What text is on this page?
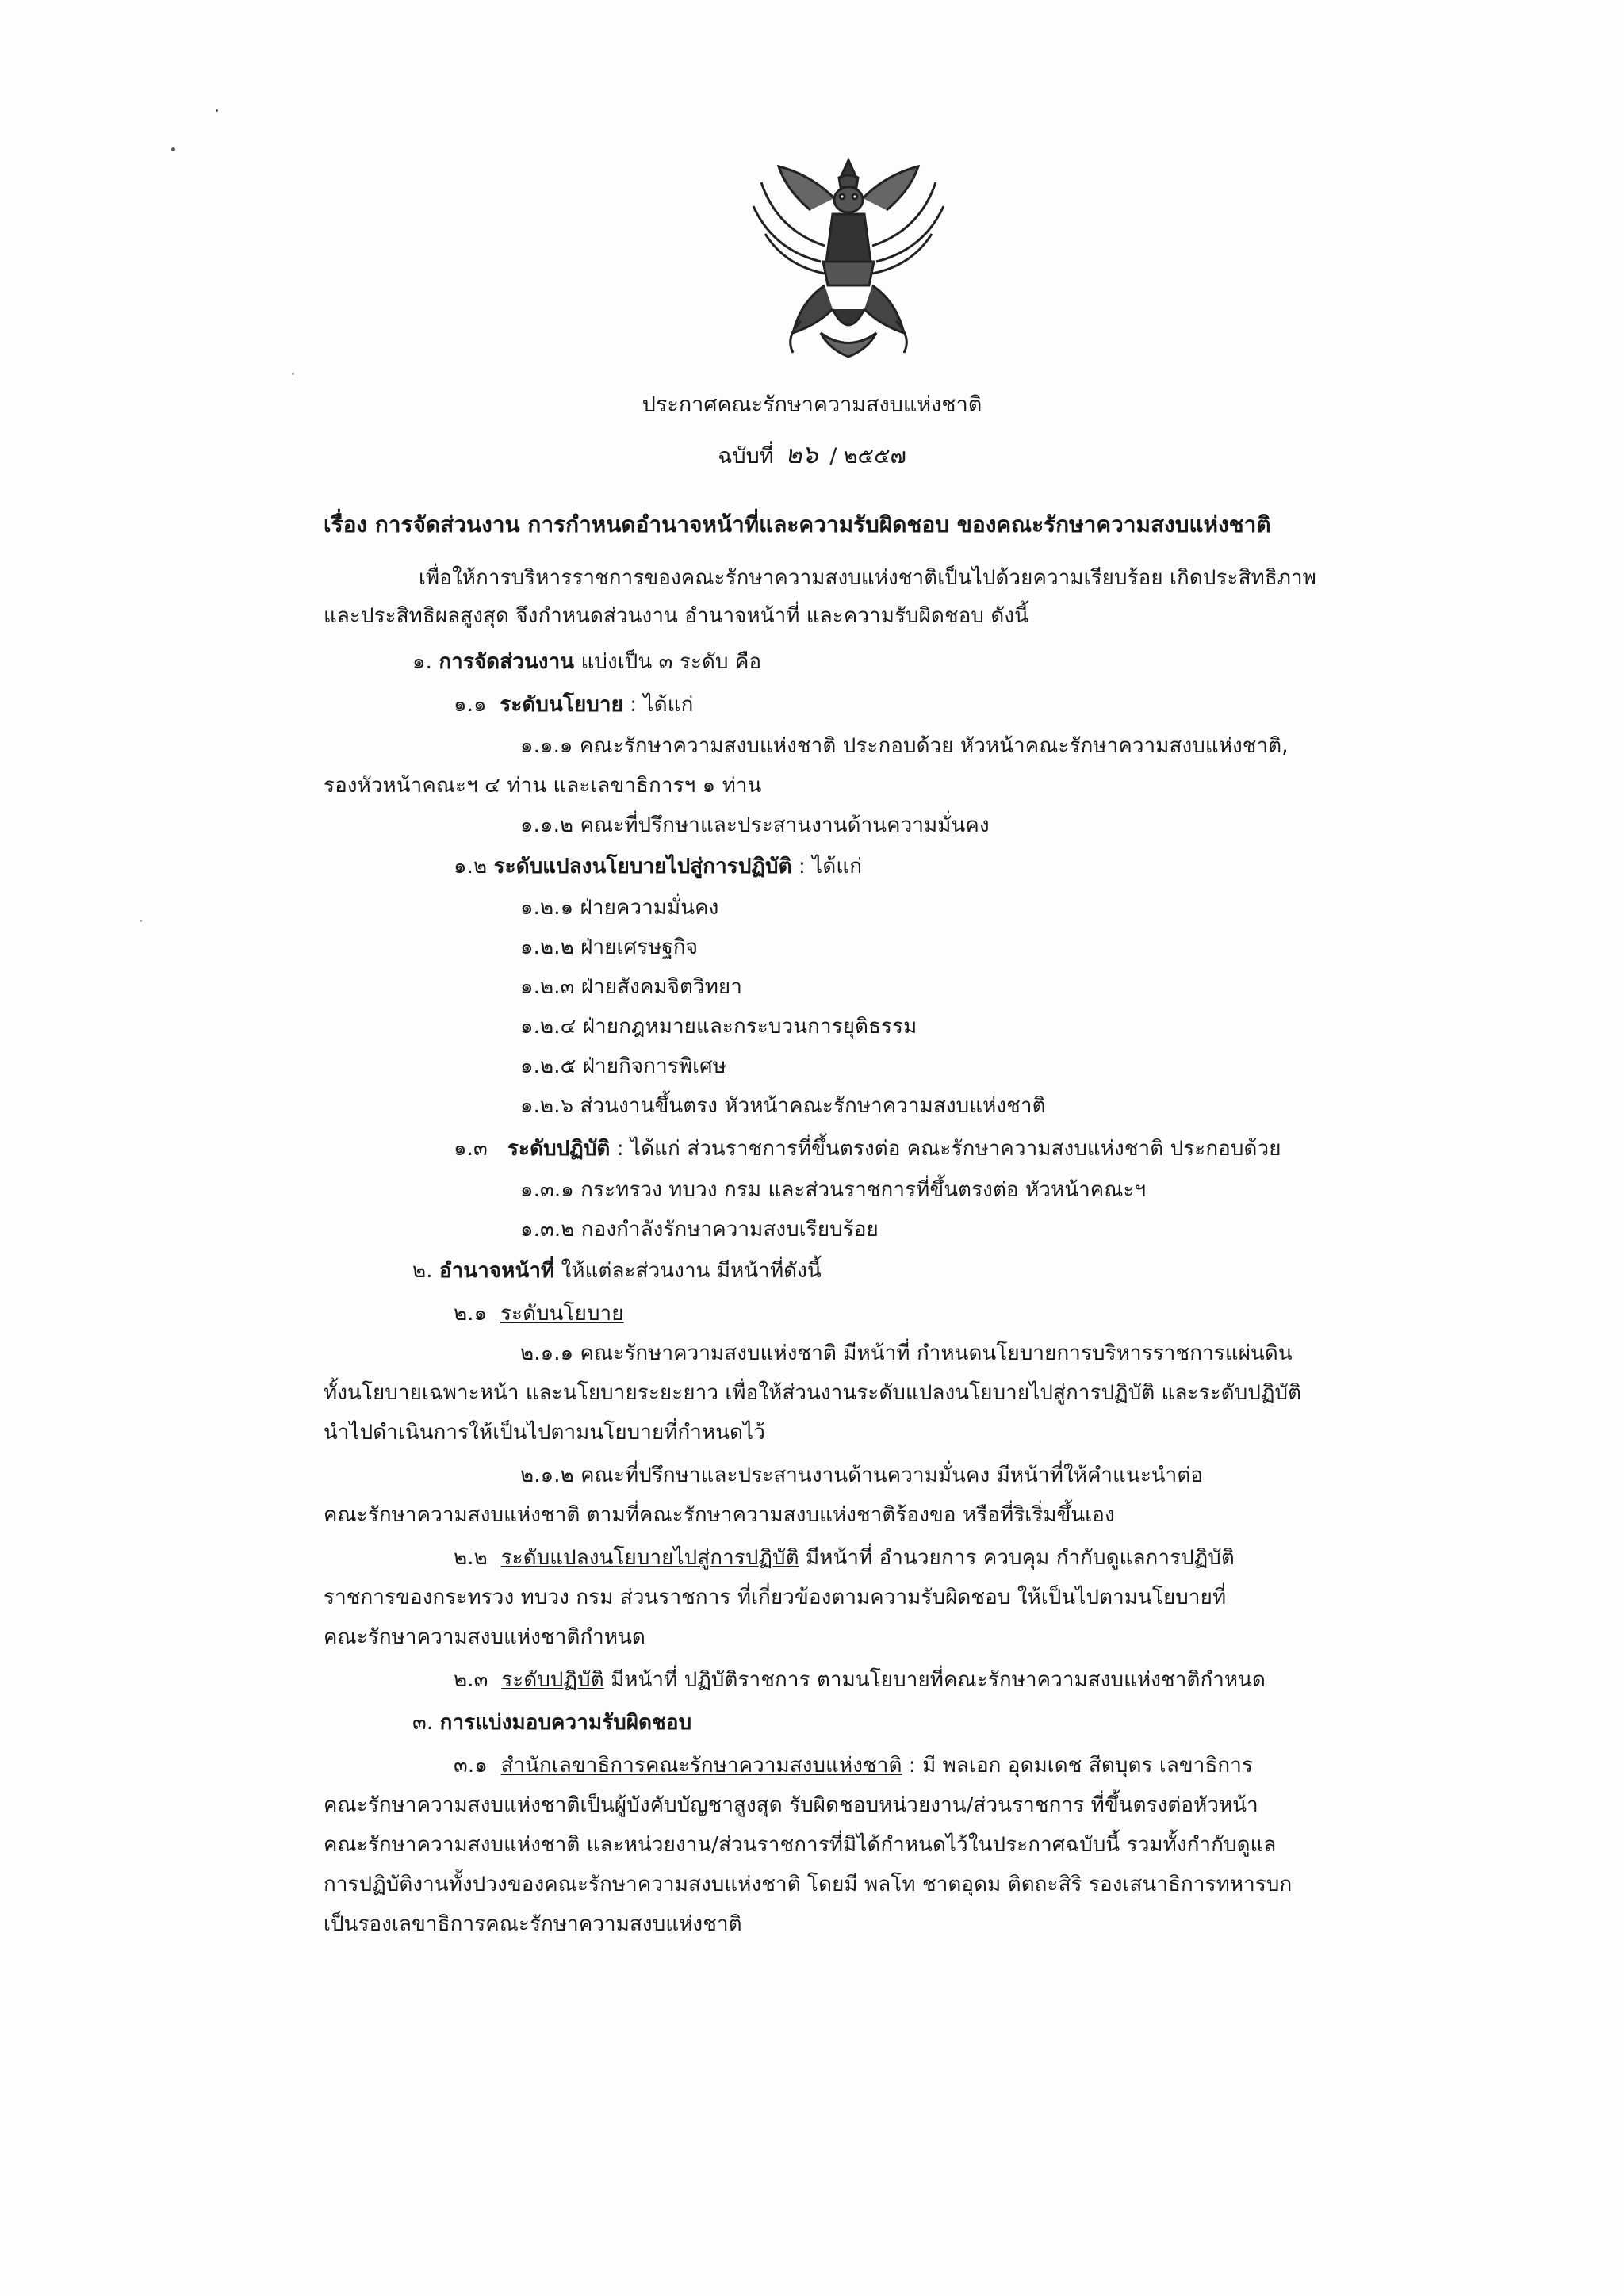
ประกาศคณะรักษาความสงบแห่งชาติ
ฉบับที่ ๒๖ / ๒๕๕๗
เรื่อง การจัดส่วนงาน การกำหนดอำนาจหน้าที่และความรับผิดชอบ ของคณะรักษาความสงบแห่งชาติ
เพื่อให้การบริหารราชการของคณะรักษาความสงบแห่งชาติเป็นไปด้วยความเรียบร้อย เกิดประสิทธิภาพ
และประสิทธิผลสูงสุด จึงกำหนดส่วนงาน อำนาจหน้าที่ และความรับผิดชอบ ดังนี้
๑. การจัดส่วนงาน แบ่งเป็น ๓ ระดับ คือ
๑.๑ ระดับนโยบาย : ได้แก่
๑.๑.๑ คณะรักษาความสงบแห่งชาติ ประกอบด้วย หัวหน้าคณะรักษาความสงบแห่งชาติ,
รองหัวหน้าคณะฯ ๔ ท่าน และเลขาธิการฯ ๑ ท่าน
๑.๑.๒ คณะที่ปรึกษาและประสานงานด้านความมั่นคง
๑.๒ ระดับแปลงนโยบายไปสู่การปฏิบัติ : ได้แก่
๑.๒.๑ ฝ่ายความมั่นคง
๑.๒.๒ ฝ่ายเศรษฐกิจ
๑.๒.๓ ฝ่ายสังคมจิตวิทยา
๑.๒.๔ ฝ่ายกฎหมายและกระบวนการยุติธรรม
๑.๒.๕ ฝ่ายกิจการพิเศษ
๑.๒.๖ ส่วนงานขึ้นตรง หัวหน้าคณะรักษาความสงบแห่งชาติ
๑.๓ ระดับปฏิบัติ : ได้แก่ ส่วนราชการที่ขึ้นตรงต่อ คณะรักษาความสงบแห่งชาติ ประกอบด้วย
๑.๓.๑ กระทรวง ทบวง กรม และส่วนราชการที่ขึ้นตรงต่อ หัวหน้าคณะฯ
๑.๓.๒ กองกำลังรักษาความสงบเรียบร้อย
๒. อำนาจหน้าที่ ให้แต่ละส่วนงาน มีหน้าที่ดังนี้
๒.๑ ระดับนโยบาย
๒.๑.๑ คณะรักษาความสงบแห่งชาติ มีหน้าที่ กำหนดนโยบายการบริหารราชการแผ่นดิน
ทั้งนโยบายเฉพาะหน้า และนโยบายระยะยาว เพื่อให้ส่วนงานระดับแปลงนโยบายไปสู่การปฏิบัติ และระดับปฏิบัติ
นำไปดำเนินการให้เป็นไปตามนโยบายที่กำหนดไว้
๒.๑.๒ คณะที่ปรึกษาและประสานงานด้านความมั่นคง มีหน้าที่ให้คำแนะนำต่อ
คณะรักษาความสงบแห่งชาติ ตามที่คณะรักษาความสงบแห่งชาติร้องขอ หรือที่ริเริ่มขึ้นเอง
๒.๒ ระดับแปลงนโยบายไปสู่การปฏิบัติ มีหน้าที่ อำนวยการ ควบคุม กำกับดูแลการปฏิบัติ
ราชการของกระทรวง ทบวง กรม ส่วนราชการ ที่เกี่ยวข้องตามความรับผิดชอบ ให้เป็นไปตามนโยบายที่
คณะรักษาความสงบแห่งชาติกำหนด
๒.๓ ระดับปฏิบัติ มีหน้าที่ ปฏิบัติราชการ ตามนโยบายที่คณะรักษาความสงบแห่งชาติกำหนด
๓. การแบ่งมอบความรับผิดชอบ
๓.๑ สำนักเลขาธิการคณะรักษาความสงบแห่งชาติ : มี พลเอก อุดมเดช สีตบุตร เลขาธิการ
คณะรักษาความสงบแห่งชาติเป็นผู้บังคับบัญชาสูงสุด รับผิดชอบหน่วยงาน/ส่วนราชการ ที่ขึ้นตรงต่อหัวหน้า
คณะรักษาความสงบแห่งชาติ และหน่วยงาน/ส่วนราชการที่มิได้กำหนดไว้ในประกาศฉบับนี้ รวมทั้งกำกับดูแล
การปฏิบัติงานทั้งปวงของคณะรักษาความสงบแห่งชาติ โดยมี พลโท ชาตอุดม ติตถะสิริ รองเสนาธิการทหารบก
เป็นรองเลขาธิการคณะรักษาความสงบแห่งชาติ
